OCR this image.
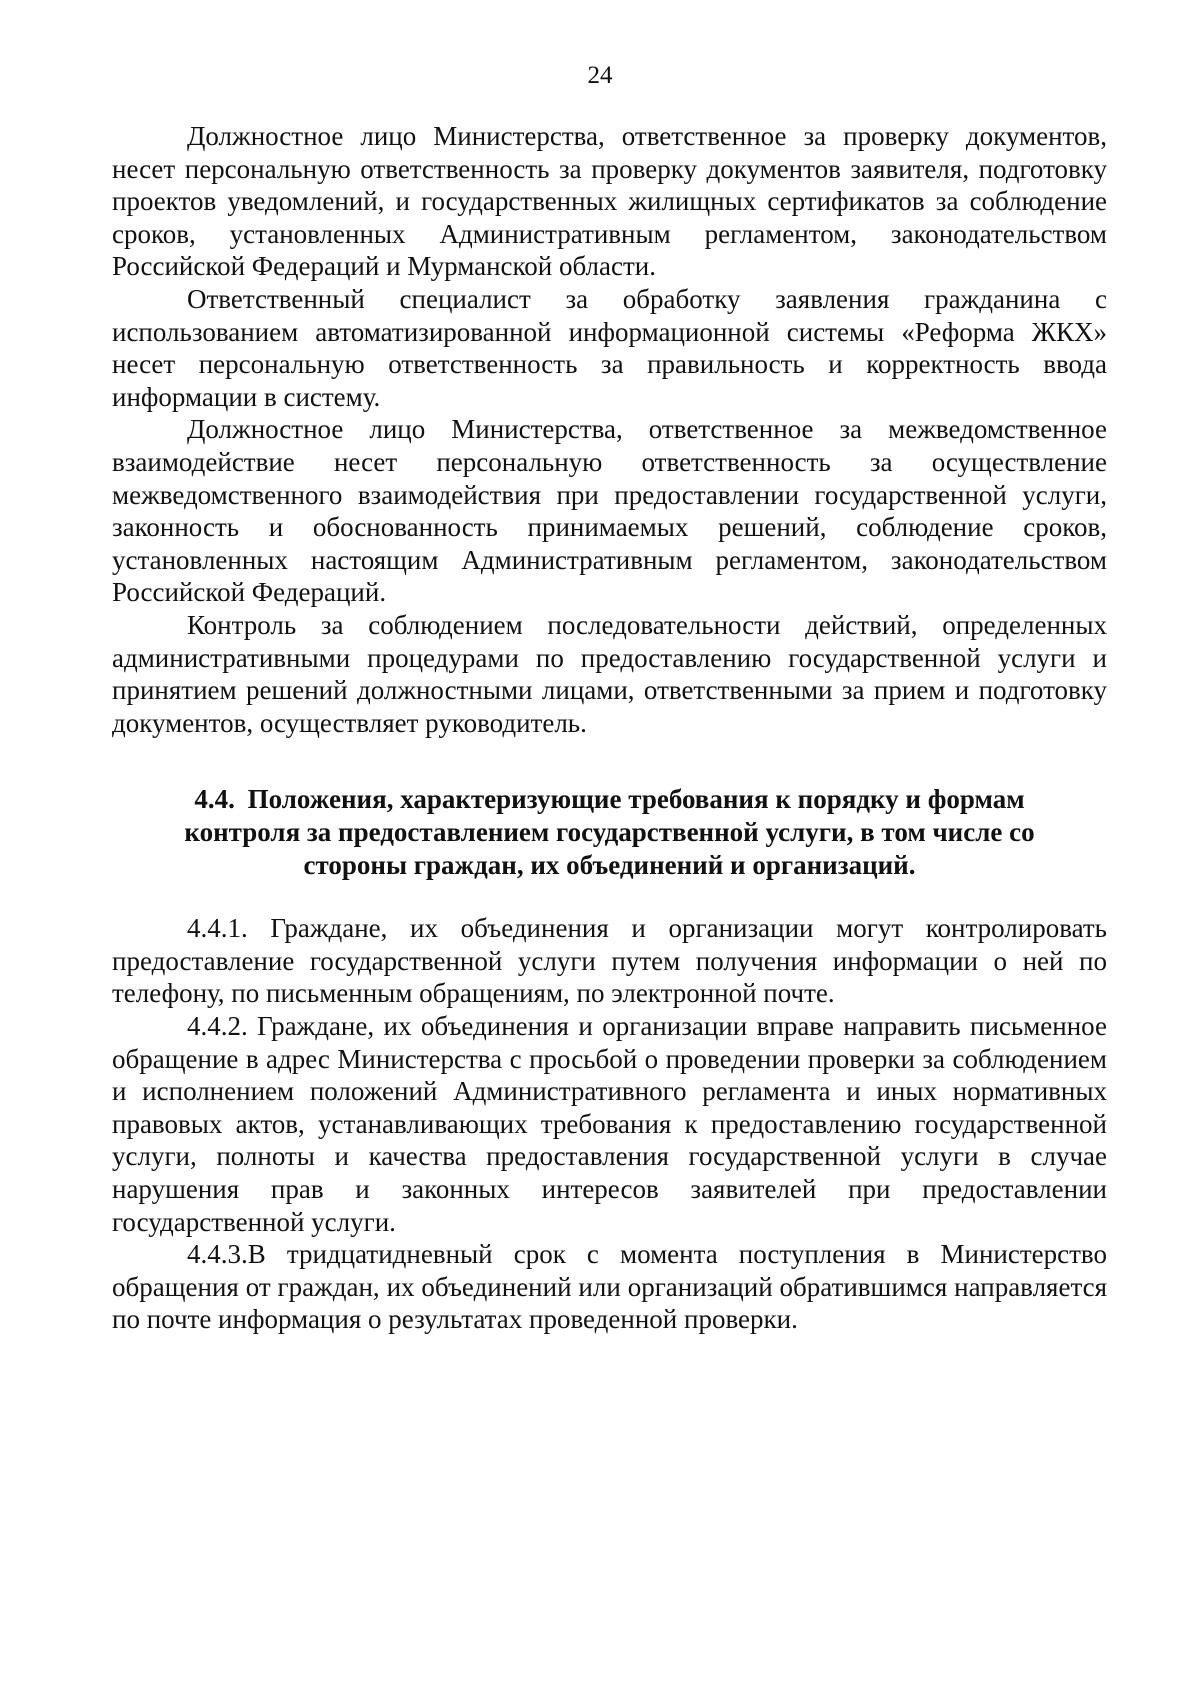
24

Должностное лицо Министерства, ответственное за проверку документов, несет персональную ответственность за проверку документов заявителя, подготовку проектов уведомлений, и государственных жилищных сертификатов за соблюдение сроков, установленных Административным регламентом, законодательством Российской Федераций и Мурманской области.

Ответственный специалист за обработку заявления гражданина с использованием автоматизированной информационной системы «Реформа ЖКХ» несет персональную ответственность за правильность и корректность ввода информации в систему.

Должностное лицо Министерства, ответственное за межведомственное взаимодействие несет персональную ответственность за осуществление межведомственного взаимодействия при предоставлении государственной услуги, законность и обоснованность принимаемых решений, соблюдение сроков, установленных настоящим Административным регламентом, законодательством Российской Федераций.

Контроль за соблюдением последовательности действий, определенных административными процедурами по предоставлению государственной услуги и принятием решений должностными лицами, ответственными за прием и подготовку документов, осуществляет руководитель.

4.4. Положения, характеризующие требования к порядку и формам контроля за предоставлением государственной услуги, в том числе со стороны граждан, их объединений и организаций.

4.4.1. Граждане, их объединения и организации могут контролировать предоставление государственной услуги путем получения информации о ней по телефону, по письменным обращениям, по электронной почте.

4.4.2. Граждане, их объединения и организации вправе направить письменное обращение в адрес Министерства с просьбой о проведении проверки за соблюдением и исполнением положений Административного регламента и иных нормативных правовых актов, устанавливающих требования к предоставлению государственной услуги, полноты и качества предоставления государственной услуги в случае нарушения прав и законных интересов заявителей при предоставлении государственной услуги.

4.4.3.В тридцатидневный срок с момента поступления в Министерство обращения от граждан, их объединений или организаций обратившимся направляется по почте информация о результатах проведенной проверки.
